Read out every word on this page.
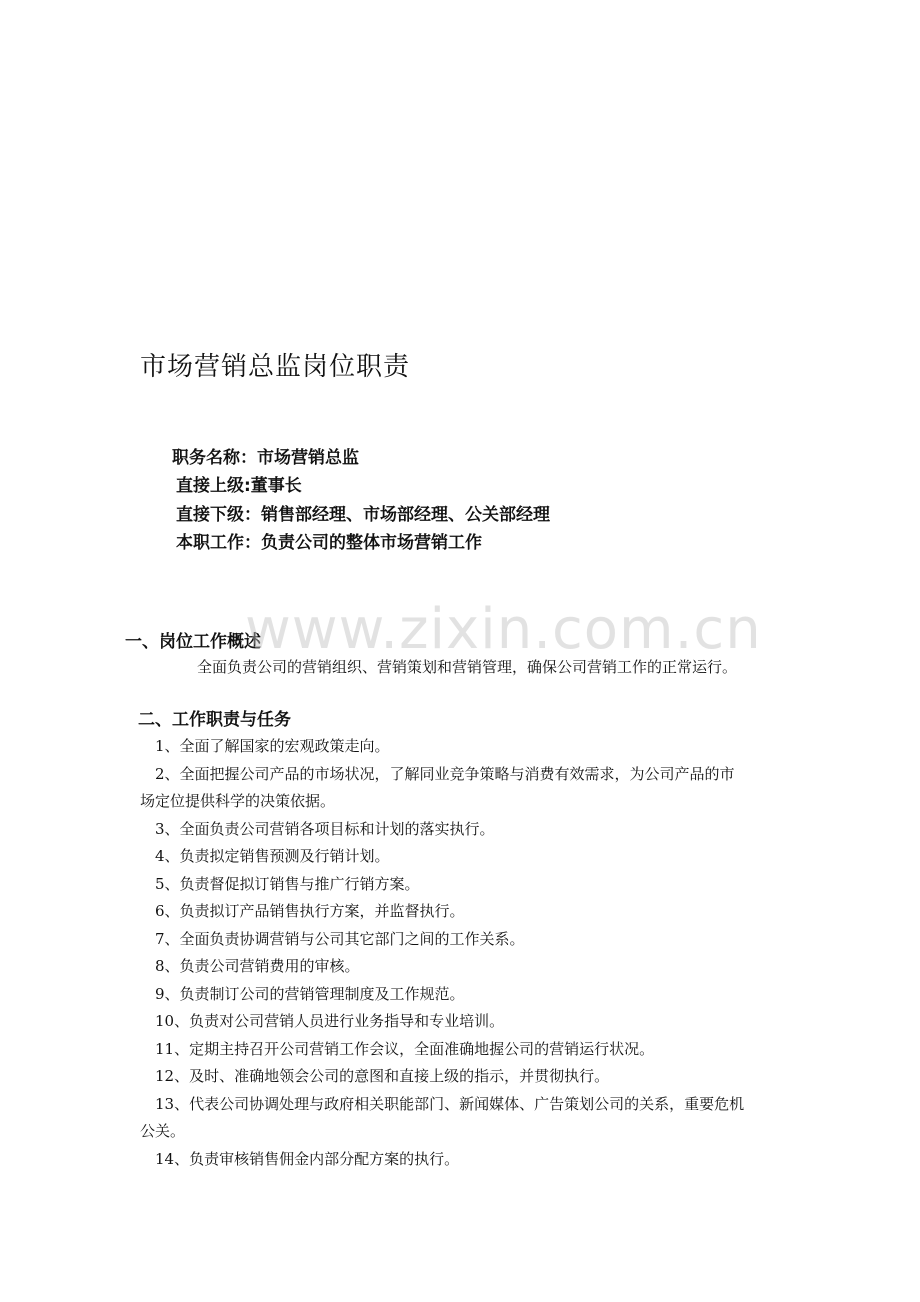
市场营销总监岗位职责
职务名称：市场营销总监
直接上级:董事长
直接下级：销售部经理、市场部经理、公关部经理
本职工作：负责公司的整体市场营销工作
一、岗位工作概述
全面负责公司的营销组织、营销策划和营销管理，确保公司营销工作的正常运行。
二、工作职责与任务
1、全面了解国家的宏观政策走向。
2、全面把握公司产品的市场状况，了解同业竞争策略与消费有效需求，为公司产品的市
场定位提供科学的决策依据。
3、全面负责公司营销各项目标和计划的落实执行。
4、负责拟定销售预测及行销计划。
5、负责督促拟订销售与推广行销方案。
6、负责拟订产品销售执行方案，并监督执行。
7、全面负责协调营销与公司其它部门之间的工作关系。
8、负责公司营销费用的审核。
9、负责制订公司的营销管理制度及工作规范。
10、负责对公司营销人员进行业务指导和专业培训。
11、定期主持召开公司营销工作会议，全面准确地握公司的营销运行状况。
12、及时、准确地领会公司的意图和直接上级的指示，并贯彻执行。
13、代表公司协调处理与政府相关职能部门、新闻媒体、广告策划公司的关系，重要危机
公关。
14、负责审核销售佣金内部分配方案的执行。
www.zixin.com.cn
